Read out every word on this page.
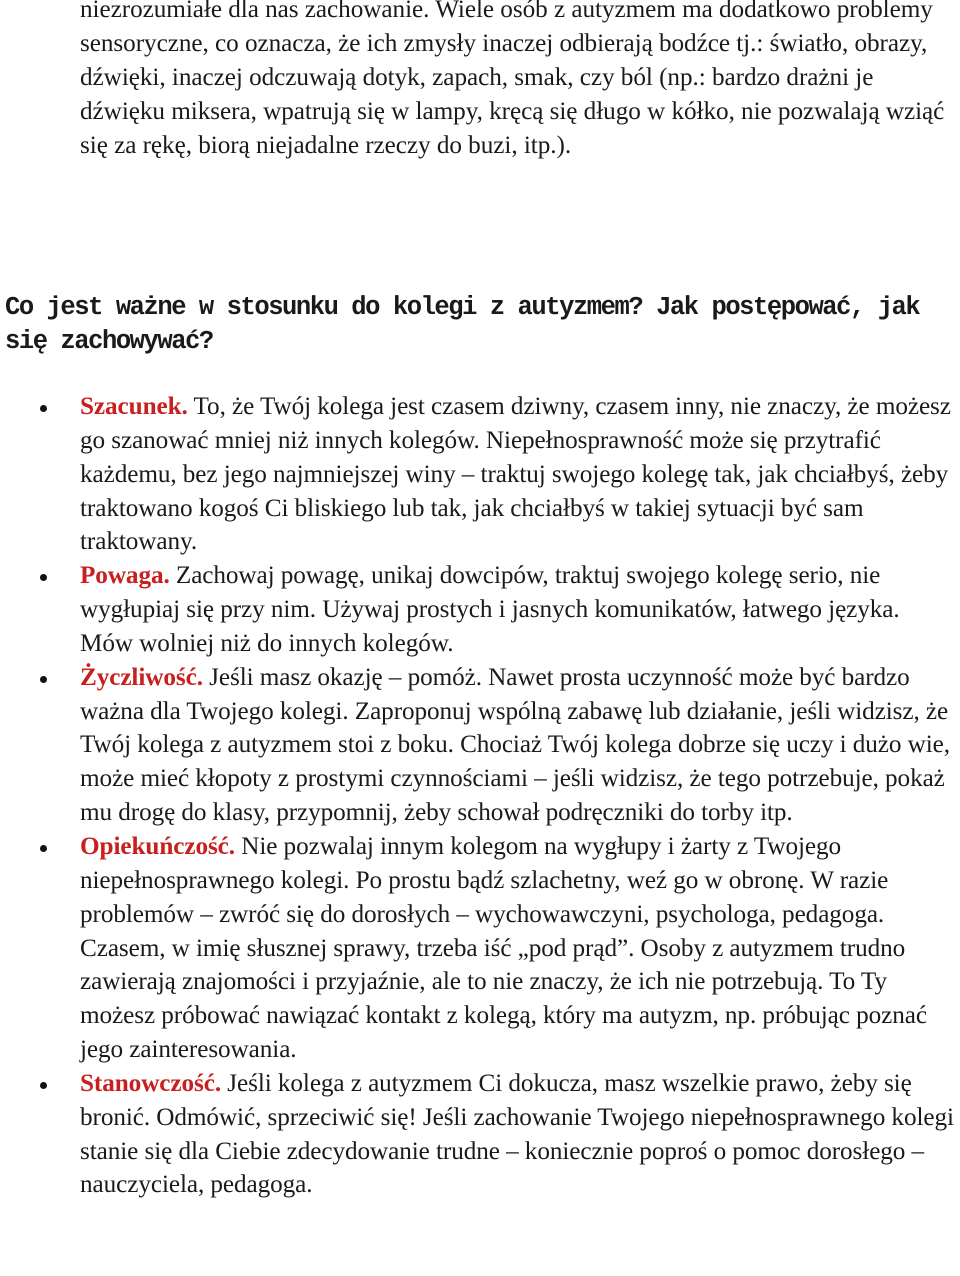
niezrozumiałe dla nas zachowanie. Wiele osób z autyzmem ma dodatkowo problemy sensoryczne, co oznacza, że ich zmysły inaczej odbierają bodźce tj.: światło, obrazy, dźwięki, inaczej odczuwają dotyk, zapach, smak, czy ból (np.: bardzo drażni je dźwięku miksera, wpatrują się w lampy, kręcą się długo w kółko, nie pozwalają wziąć się za rękę, biorą niejadalne rzeczy do buzi, itp.).

Co jest ważne w stosunku do kolegi z autyzmem? Jak postępować, jak się zachowywać?
Szacunek. To, że Twój kolega jest czasem dziwny, czasem inny, nie znaczy, że możesz go szanować mniej niż innych kolegów. Niepełnosprawność może się przytrafić każdemu, bez jego najmniejszej winy – traktuj swojego kolegę tak, jak chciałbyś, żeby traktowano kogoś Ci bliskiego lub tak, jak chciałbyś w takiej sytuacji być sam traktowany.
Powaga. Zachowaj powagę, unikaj dowcipów, traktuj swojego kolegę serio, nie wygłupiaj się przy nim. Używaj prostych i jasnych komunikatów, łatwego języka. Mów wolniej niż do innych kolegów.
Życzliwość. Jeśli masz okazję – pomóż. Nawet prosta uczynność może być bardzo ważna dla Twojego kolegi. Zaproponuj wspólną zabawę lub działanie, jeśli widzisz, że Twój kolega z autyzmem stoi z boku. Chociaż Twój kolega dobrze się uczy i dużo wie, może mieć kłopoty z prostymi czynnościami – jeśli widzisz, że tego potrzebuje, pokaż mu drogę do klasy, przypomnij, żeby schował podręczniki do torby itp.
Opiekuńczość. Nie pozwalaj innym kolegom na wygłupy i żarty z Twojego niepełnosprawnego kolegi. Po prostu bądź szlachetny, weź go w obronę. W razie problemów – zwróć się do dorosłych – wychowawczyni, psychologa, pedagoga. Czasem, w imię słusznej sprawy, trzeba iść „pod prąd”. Osoby z autyzmem trudno zawierają znajomości i przyjaźnie, ale to nie znaczy, że ich nie potrzebują. To Ty możesz próbować nawiązać kontakt z kolegą, który ma autyzm, np. próbując poznać jego zainteresowania.
Stanowczość. Jeśli kolega z autyzmem Ci dokucza, masz wszelkie prawo, żeby się bronić. Odmówić, sprzeciwić się! Jeśli zachowanie Twojego niepełnosprawnego kolegi stanie się dla Ciebie zdecydowanie trudne – koniecznie poproś o pomoc dorosłego – nauczyciela, pedagoga.
